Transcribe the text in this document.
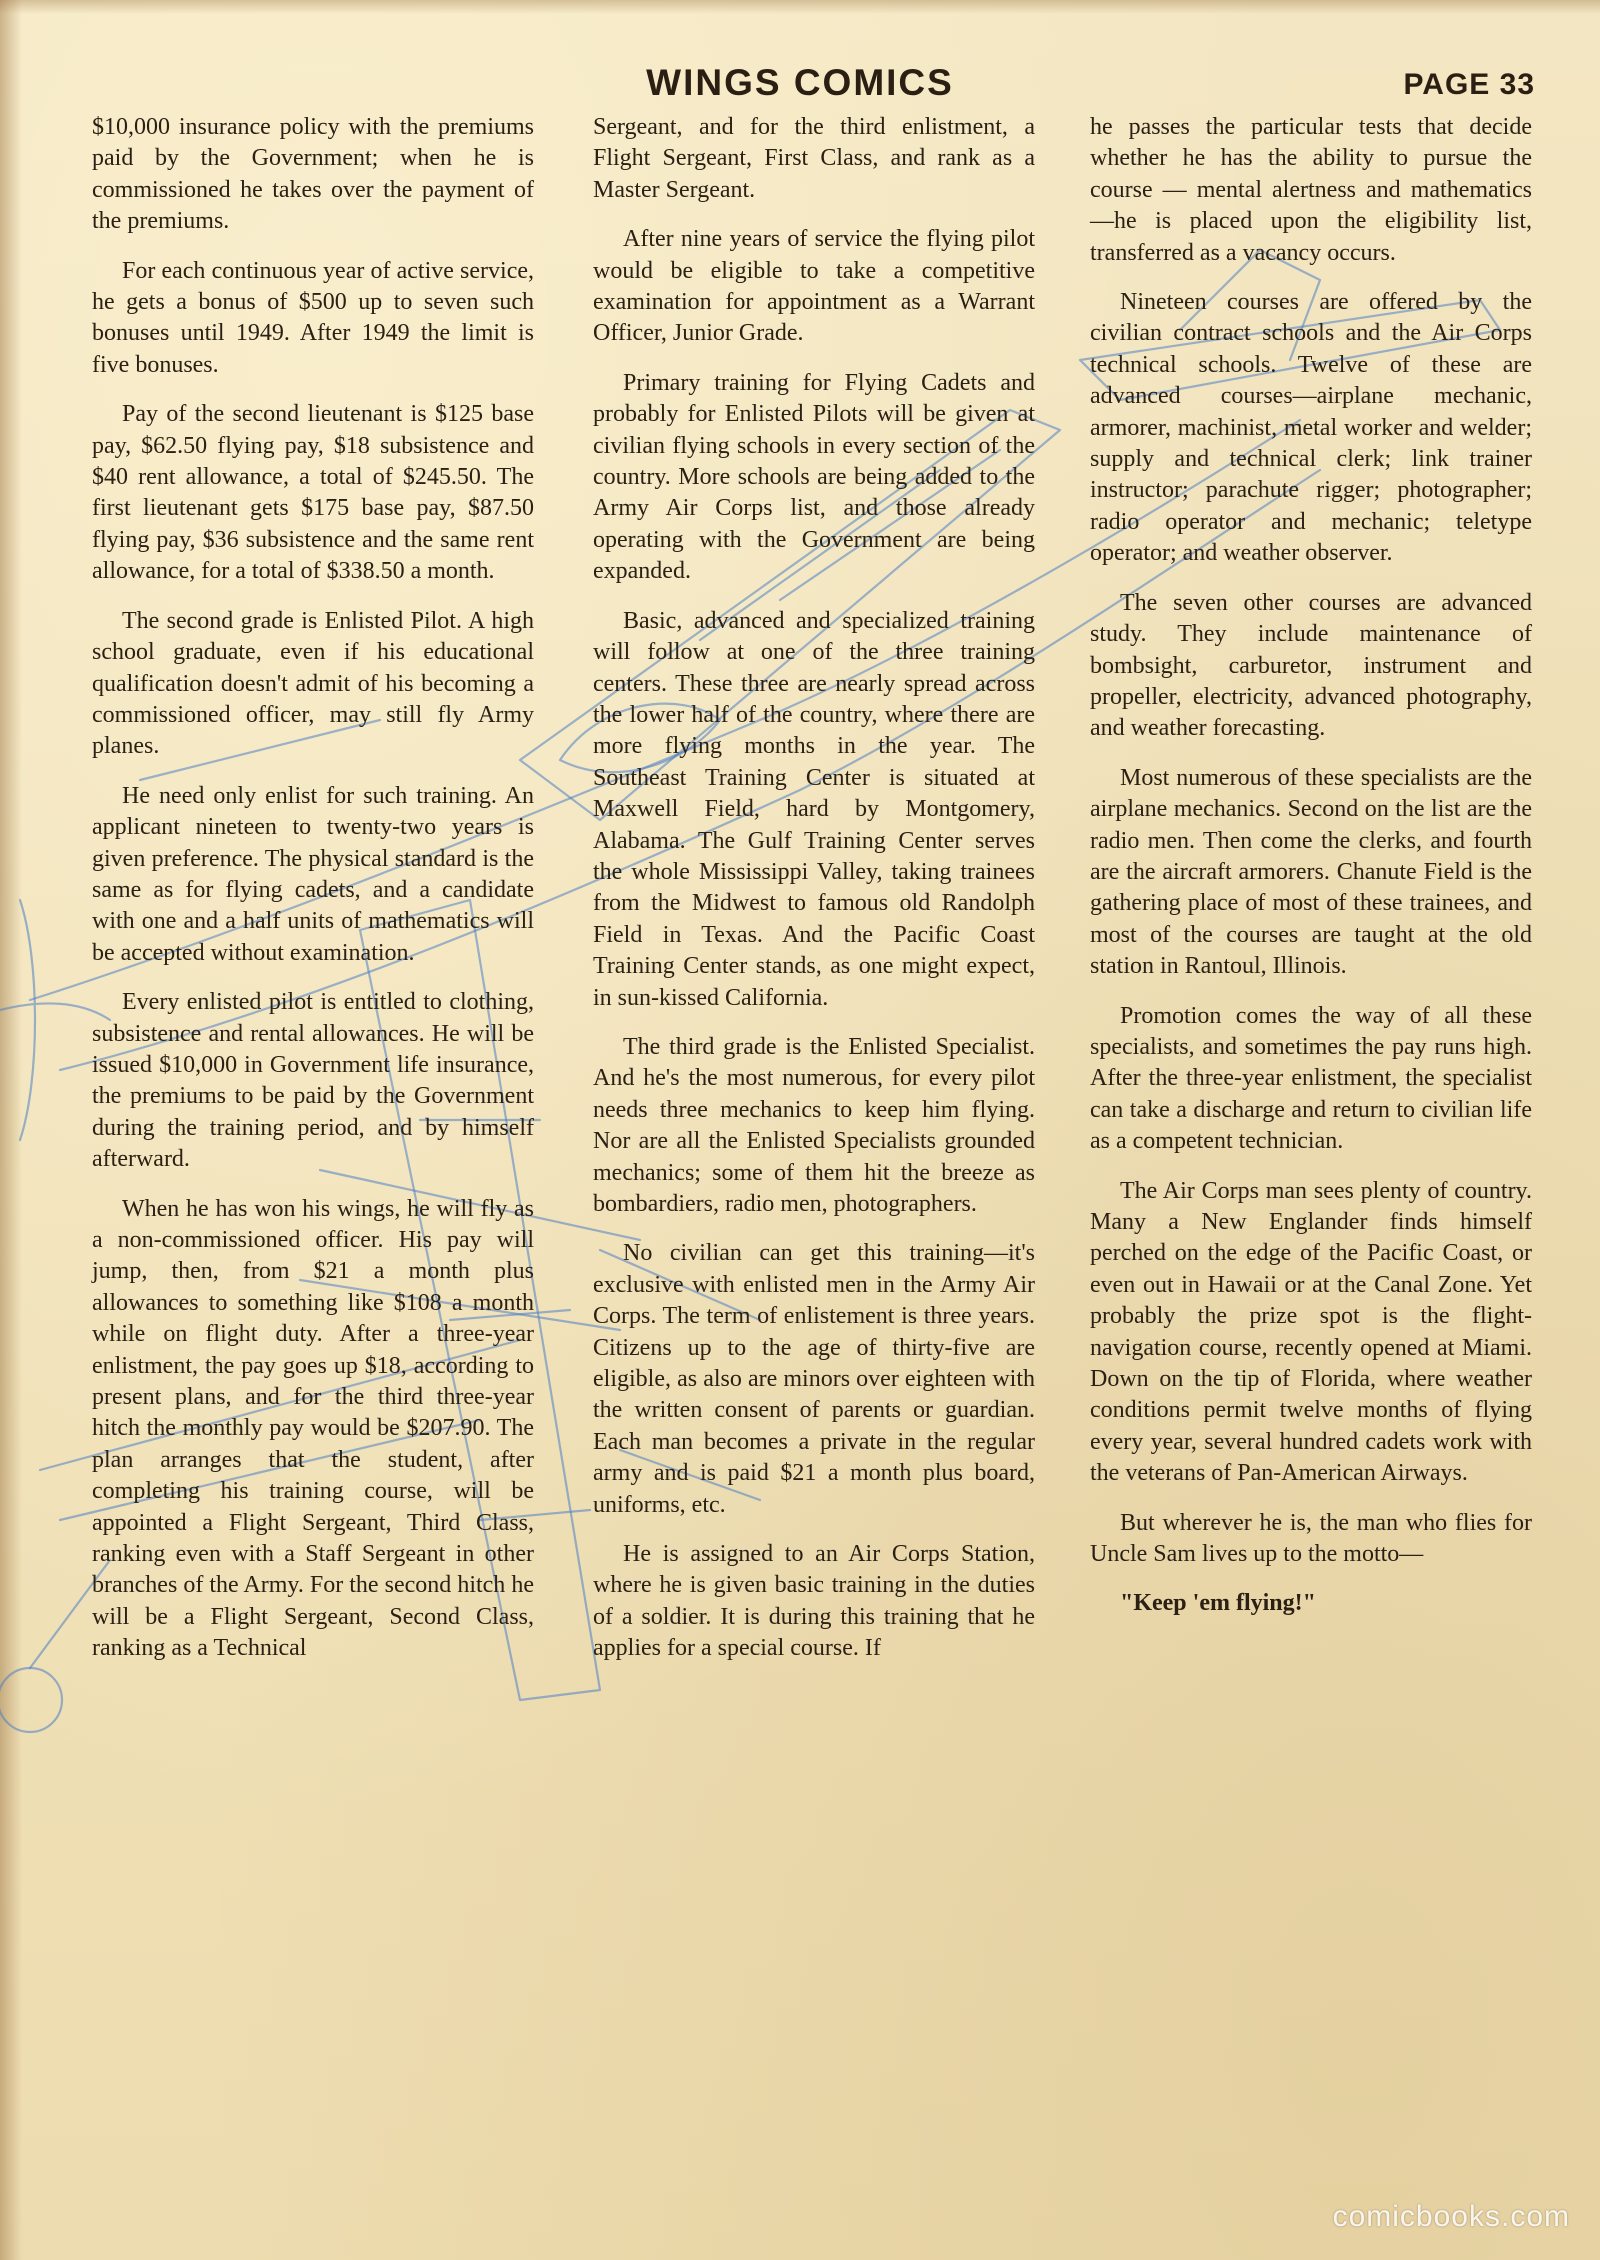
WINGS COMICS	PAGE 33

$10,000 insurance policy with the premiums paid by the Government; when he is commissioned he takes over the payment of the premiums.

For each continuous year of active service, he gets a bonus of $500 up to seven such bonuses until 1949. After 1949 the limit is five bonuses.

Pay of the second lieutenant is $125 base pay, $62.50 flying pay, $18 subsistence and $40 rent allowance, a total of $245.50. The first lieutenant gets $175 base pay, $87.50 flying pay, $36 subsistence and the same rent allowance, for a total of $338.50 a month.

The second grade is Enlisted Pilot. A high school graduate, even if his educational qualification doesn't admit of his becoming a commissioned officer, may still fly Army planes.

He need only enlist for such training. An applicant nineteen to twenty-two years is given preference. The physical standard is the same as for flying cadets, and a candidate with one and a half units of mathematics will be accepted without examination.

Every enlisted pilot is entitled to clothing, subsistence and rental allowances. He will be issued $10,000 in Government life insurance, the premiums to be paid by the Government during the training period, and by himself afterward.

When he has won his wings, he will fly as a non-commissioned officer. His pay will jump, then, from $21 a month plus allowances to something like $108 a month while on flight duty. After a three-year enlistment, the pay goes up $18, according to present plans, and for the third three-year hitch the monthly pay would be $207.90. The plan arranges that the student, after completing his training course, will be appointed a Flight Sergeant, Third Class, ranking even with a Staff Sergeant in other branches of the Army. For the second hitch he will be a Flight Sergeant, Second Class, ranking as a Technical

Sergeant, and for the third enlistment, a Flight Sergeant, First Class, and rank as a Master Sergeant.

After nine years of service the flying pilot would be eligible to take a competitive examination for appointment as a Warrant Officer, Junior Grade.

Primary training for Flying Cadets and probably for Enlisted Pilots will be given at civilian flying schools in every section of the country. More schools are being added to the Army Air Corps list, and those already operating with the Government are being expanded.

Basic, advanced and specialized training will follow at one of the three training centers. These three are nearly spread across the lower half of the country, where there are more flying months in the year. The Southeast Training Center is situated at Maxwell Field, hard by Montgomery, Alabama. The Gulf Training Center serves the whole Mississippi Valley, taking trainees from the Midwest to famous old Randolph Field in Texas. And the Pacific Coast Training Center stands, as one might expect, in sun-kissed California.

The third grade is the Enlisted Specialist. And he's the most numerous, for every pilot needs three mechanics to keep him flying. Nor are all the Enlisted Specialists grounded mechanics; some of them hit the breeze as bombardiers, radio men, photographers.

No civilian can get this training—it's exclusive with enlisted men in the Army Air Corps. The term of enlistement is three years. Citizens up to the age of thirty-five are eligible, as also are minors over eighteen with the written consent of parents or guardian. Each man becomes a private in the regular army and is paid $21 a month plus board, uniforms, etc.

He is assigned to an Air Corps Station, where he is given basic training in the duties of a soldier. It is during this training that he applies for a special course. If

he passes the particular tests that decide whether he has the ability to pursue the course — mental alertness and mathematics—he is placed upon the eligibility list, transferred as a vacancy occurs.

Nineteen courses are offered by the civilian contract schools and the Air Corps technical schools. Twelve of these are advanced courses—airplane mechanic, armorer, machinist, metal worker and welder; supply and technical clerk; link trainer instructor; parachute rigger; photographer; radio operator and mechanic; teletype operator; and weather observer.

The seven other courses are advanced study. They include maintenance of bombsight, carburetor, instrument and propeller, electricity, advanced photography, and weather forecasting.

Most numerous of these specialists are the airplane mechanics. Second on the list are the radio men. Then come the clerks, and fourth are the aircraft armorers. Chanute Field is the gathering place of most of these trainees, and most of the courses are taught at the old station in Rantoul, Illinois.

Promotion comes the way of all these specialists, and sometimes the pay runs high. After the three-year enlistment, the specialist can take a discharge and return to civilian life as a competent technician.

The Air Corps man sees plenty of country. Many a New Englander finds himself perched on the edge of the Pacific Coast, or even out in Hawaii or at the Canal Zone. Yet probably the prize spot is the flight-navigation course, recently opened at Miami. Down on the tip of Florida, where weather conditions permit twelve months of flying every year, several hundred cadets work with the veterans of Pan-American Airways.

But wherever he is, the man who flies for Uncle Sam lives up to the motto—

"Keep 'em flying!"

comicbooks.com
